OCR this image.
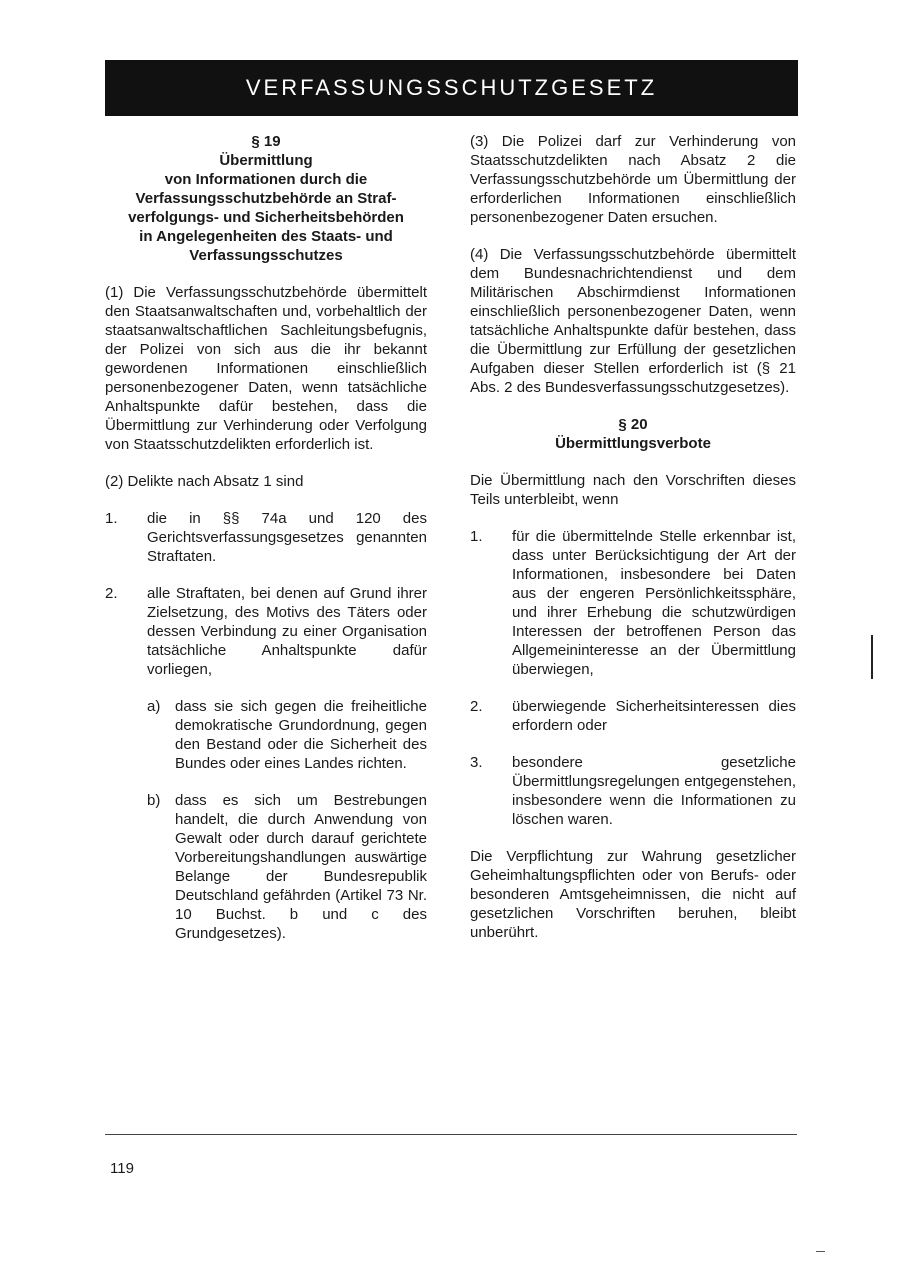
VERFASSUNGSSCHUTZGESETZ

§ 19

Übermittlung

von Informationen durch die

Verfassungsschutzbehörde an Straf-

verfolgungs- und Sicherheitsbehörden

in Angelegenheiten des Staats- und

Verfassungsschutzes

(1) Die Verfassungsschutzbehörde übermittelt den Staatsanwaltschaften und, vorbehaltlich der staatsanwaltschaftlichen Sachleitungsbefugnis, der Polizei von sich aus die ihr bekannt gewordenen Informationen einschließlich personenbezogener Daten, wenn tatsächliche Anhaltspunkte dafür bestehen, dass die Übermittlung zur Verhinderung oder Verfolgung von Staatsschutzdelikten erforderlich ist.

(2) Delikte nach Absatz 1 sind

1.	die in §§ 74a und 120 des Gerichtsverfassungsgesetzes genannten Straftaten.
2.	alle Straftaten, bei denen auf Grund ihrer Zielsetzung, des Motivs des Täters oder dessen Verbindung zu einer Organisation tatsächliche Anhaltspunkte dafür vorliegen,
a) dass sie sich gegen die freiheitliche demokratische Grundordnung, gegen den Bestand oder die Sicherheit des Bundes oder eines Landes richten.
b) dass es sich um Bestrebungen handelt, die durch Anwendung von Gewalt oder durch darauf gerichtete Vorbereitungshandlungen auswärtige Belange der Bundesrepublik Deutschland gefährden (Artikel 73 Nr. 10 Buchst. b und c des Grundgesetzes).

(3) Die Polizei darf zur Verhinderung von Staatsschutzdelikten nach Absatz 2 die Verfassungsschutzbehörde um Übermittlung der erforderlichen Informationen einschließlich personenbezogener Daten ersuchen.

(4) Die Verfassungsschutzbehörde übermittelt dem Bundesnachrichtendienst und dem Militärischen Abschirmdienst Informationen einschließlich personenbezogener Daten, wenn tatsächliche Anhaltspunkte dafür bestehen, dass die Übermittlung zur Erfüllung der gesetzlichen Aufgaben dieser Stellen erforderlich ist (§ 21 Abs. 2 des Bundesverfassungsschutzgesetzes).

§ 20

Übermittlungsverbote

Die Übermittlung nach den Vorschriften dieses Teils unterbleibt, wenn

1.	für die übermittelnde Stelle erkennbar ist, dass unter Berücksichtigung der Art der Informationen, insbesondere bei Daten aus der engeren Persönlichkeitssphäre, und ihrer Erhebung die schutzwürdigen Interessen der betroffenen Person das Allgemeininteresse an der Übermittlung überwiegen,
2.	überwiegende Sicherheitsinteressen dies erfordern oder
3.	besondere gesetzliche Übermittlungsregelungen entgegenstehen, insbesondere wenn die Informationen zu löschen waren.

Die Verpflichtung zur Wahrung gesetzlicher Geheimhaltungspflichten oder von Berufs- oder besonderen Amtsgeheimnissen, die nicht auf gesetzlichen Vorschriften beruhen, bleibt unberührt.

119
